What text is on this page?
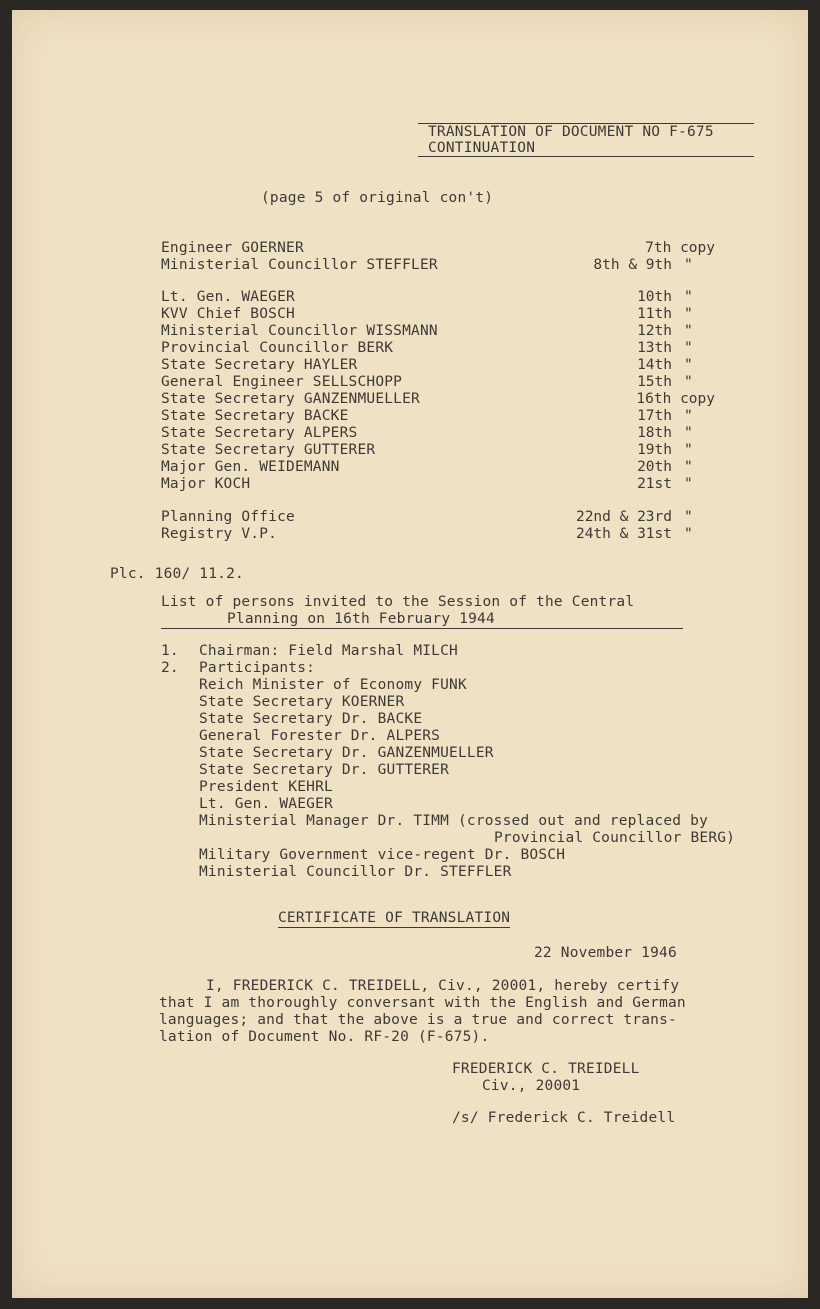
TRANSLATION OF DOCUMENT NO F-675
CONTINUATION
(page 5 of original con't)
Engineer GOERNER	7th copy
Ministerial Councillor STEFFLER	8th & 9th "
Lt. Gen. WAEGER	10th "
KVV Chief BOSCH	11th "
Ministerial Councillor WISSMANN	12th "
Provincial Councillor BERK	13th "
State Secretary HAYLER	14th "
General Engineer SELLSCHOPP	15th "
State Secretary GANZENMUELLER	16th copy
State Secretary BACKE	17th "
State Secretary ALPERS	18th "
State Secretary GUTTERER	19th "
Major Gen. WEIDEMANN	20th "
Major KOCH	21st "
Planning Office	22nd & 23rd "
Registry V.P.	24th & 31st "
Plc. 160/ 11.2.
List of persons invited to the Session of the Central
Planning on 16th February 1944
1. Chairman: Field Marshal MILCH
2. Participants:
Reich Minister of Economy FUNK
State Secretary KOERNER
State Secretary Dr. BACKE
General Forester Dr. ALPERS
State Secretary Dr. GANZENMUELLER
State Secretary Dr. GUTTERER
President KEHRL
Lt. Gen. WAEGER
Ministerial Manager Dr. TIMM (crossed out and replaced by
Provincial Councillor BERG)
Military Government vice-regent Dr. BOSCH
Ministerial Councillor Dr. STEFFLER
CERTIFICATE OF TRANSLATION
22 November 1946
I, FREDERICK C. TREIDELL, Civ., 20001, hereby certify
that I am thoroughly conversant with the English and German
languages; and that the above is a true and correct trans-
lation of Document No. RF-20 (F-675).
FREDERICK C. TREIDELL
Civ., 20001
/s/ Frederick C. Treidell
